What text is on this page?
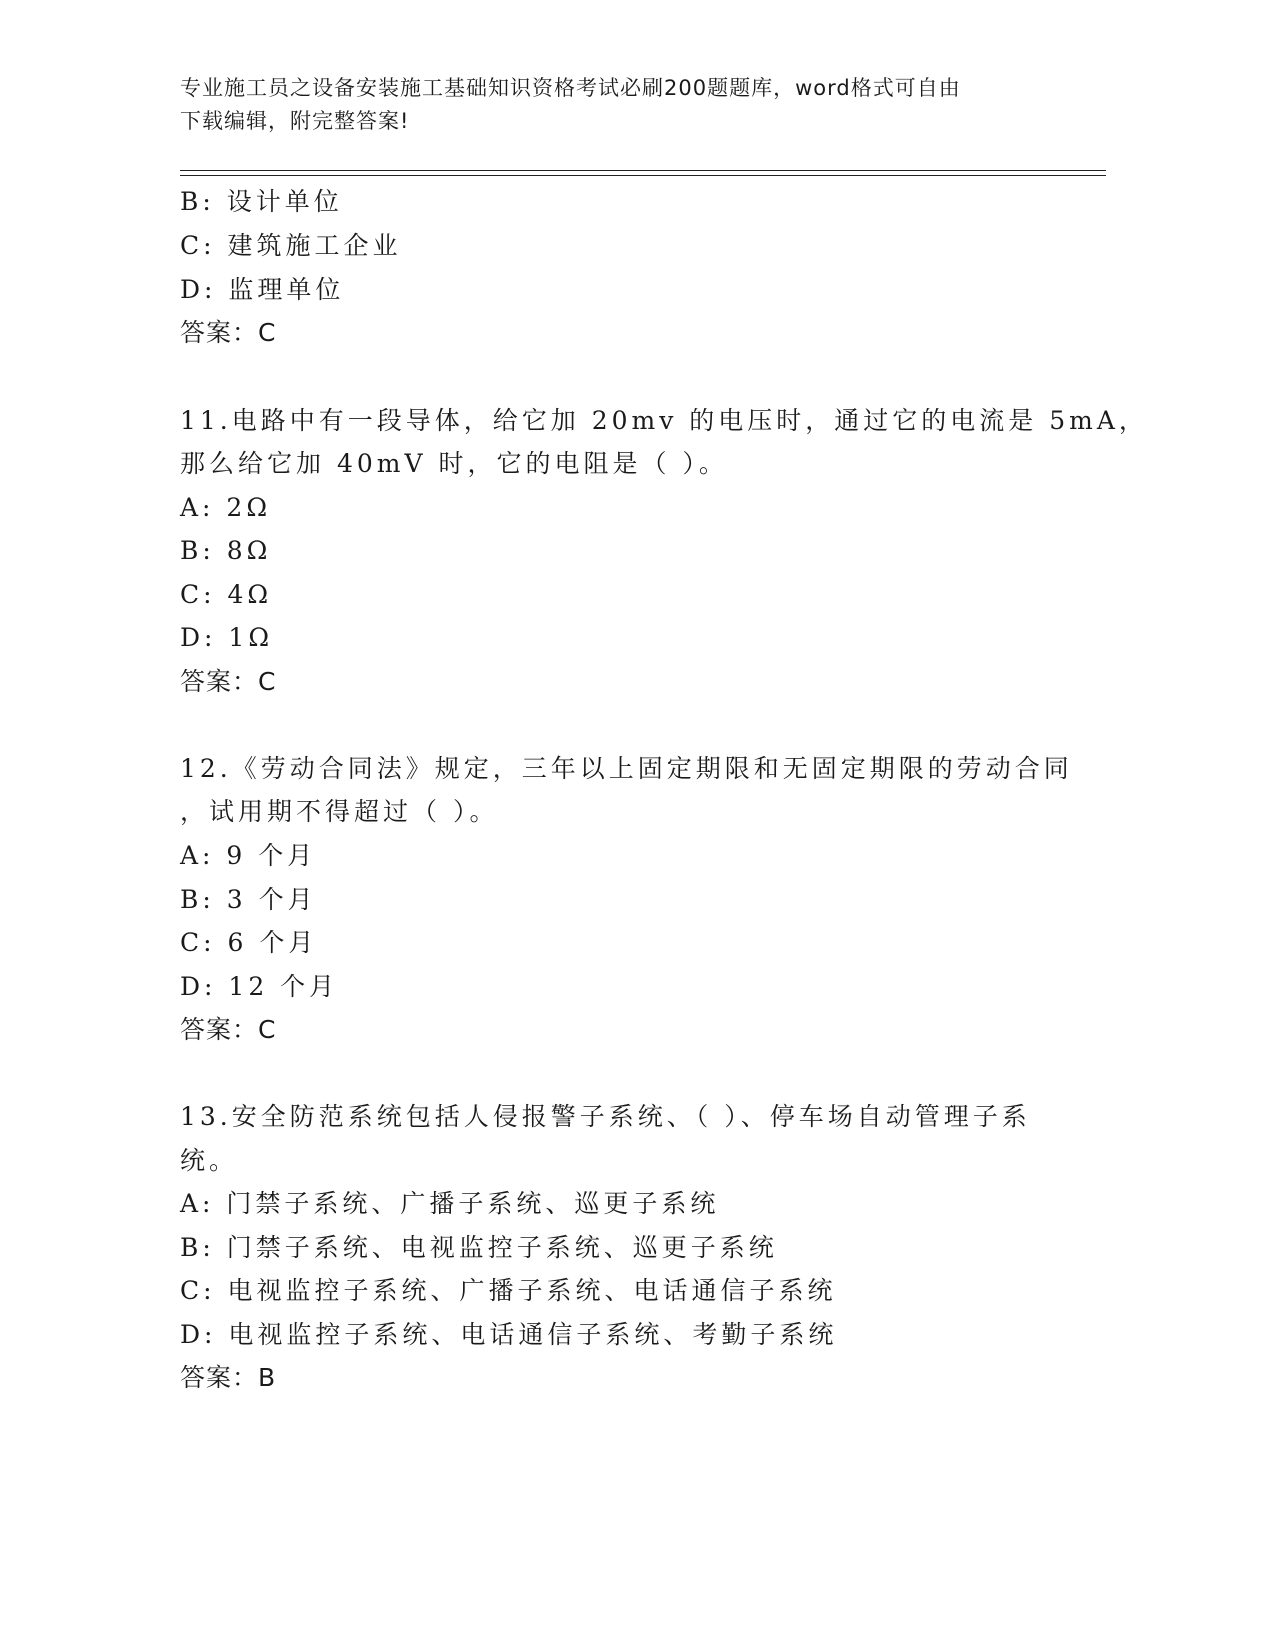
专业施工员之设备安装施工基础知识资格考试必刷200题题库，word格式可自由
下载编辑，附完整答案!
B: 设计单位
C: 建筑施工企业
D: 监理单位
答案：C
11.电路中有一段导体，给它加 20mv 的电压时，通过它的电流是 5mA，
那么给它加 40mV 时，它的电阻是（ ）。
A: 2Ω
B: 8Ω
C: 4Ω
D: 1Ω
答案：C
12.《劳动合同法》规定，三年以上固定期限和无固定期限的劳动合同
，试用期不得超过（ ）。
A: 9 个月
B: 3 个月
C: 6 个月
D: 12 个月
答案：C
13.安全防范系统包括人侵报警子系统、（ ）、停车场自动管理子系
统。
A: 门禁子系统、广播子系统、巡更子系统
B: 门禁子系统、电视监控子系统、巡更子系统
C: 电视监控子系统、广播子系统、电话通信子系统
D: 电视监控子系统、电话通信子系统、考勤子系统
答案：B
